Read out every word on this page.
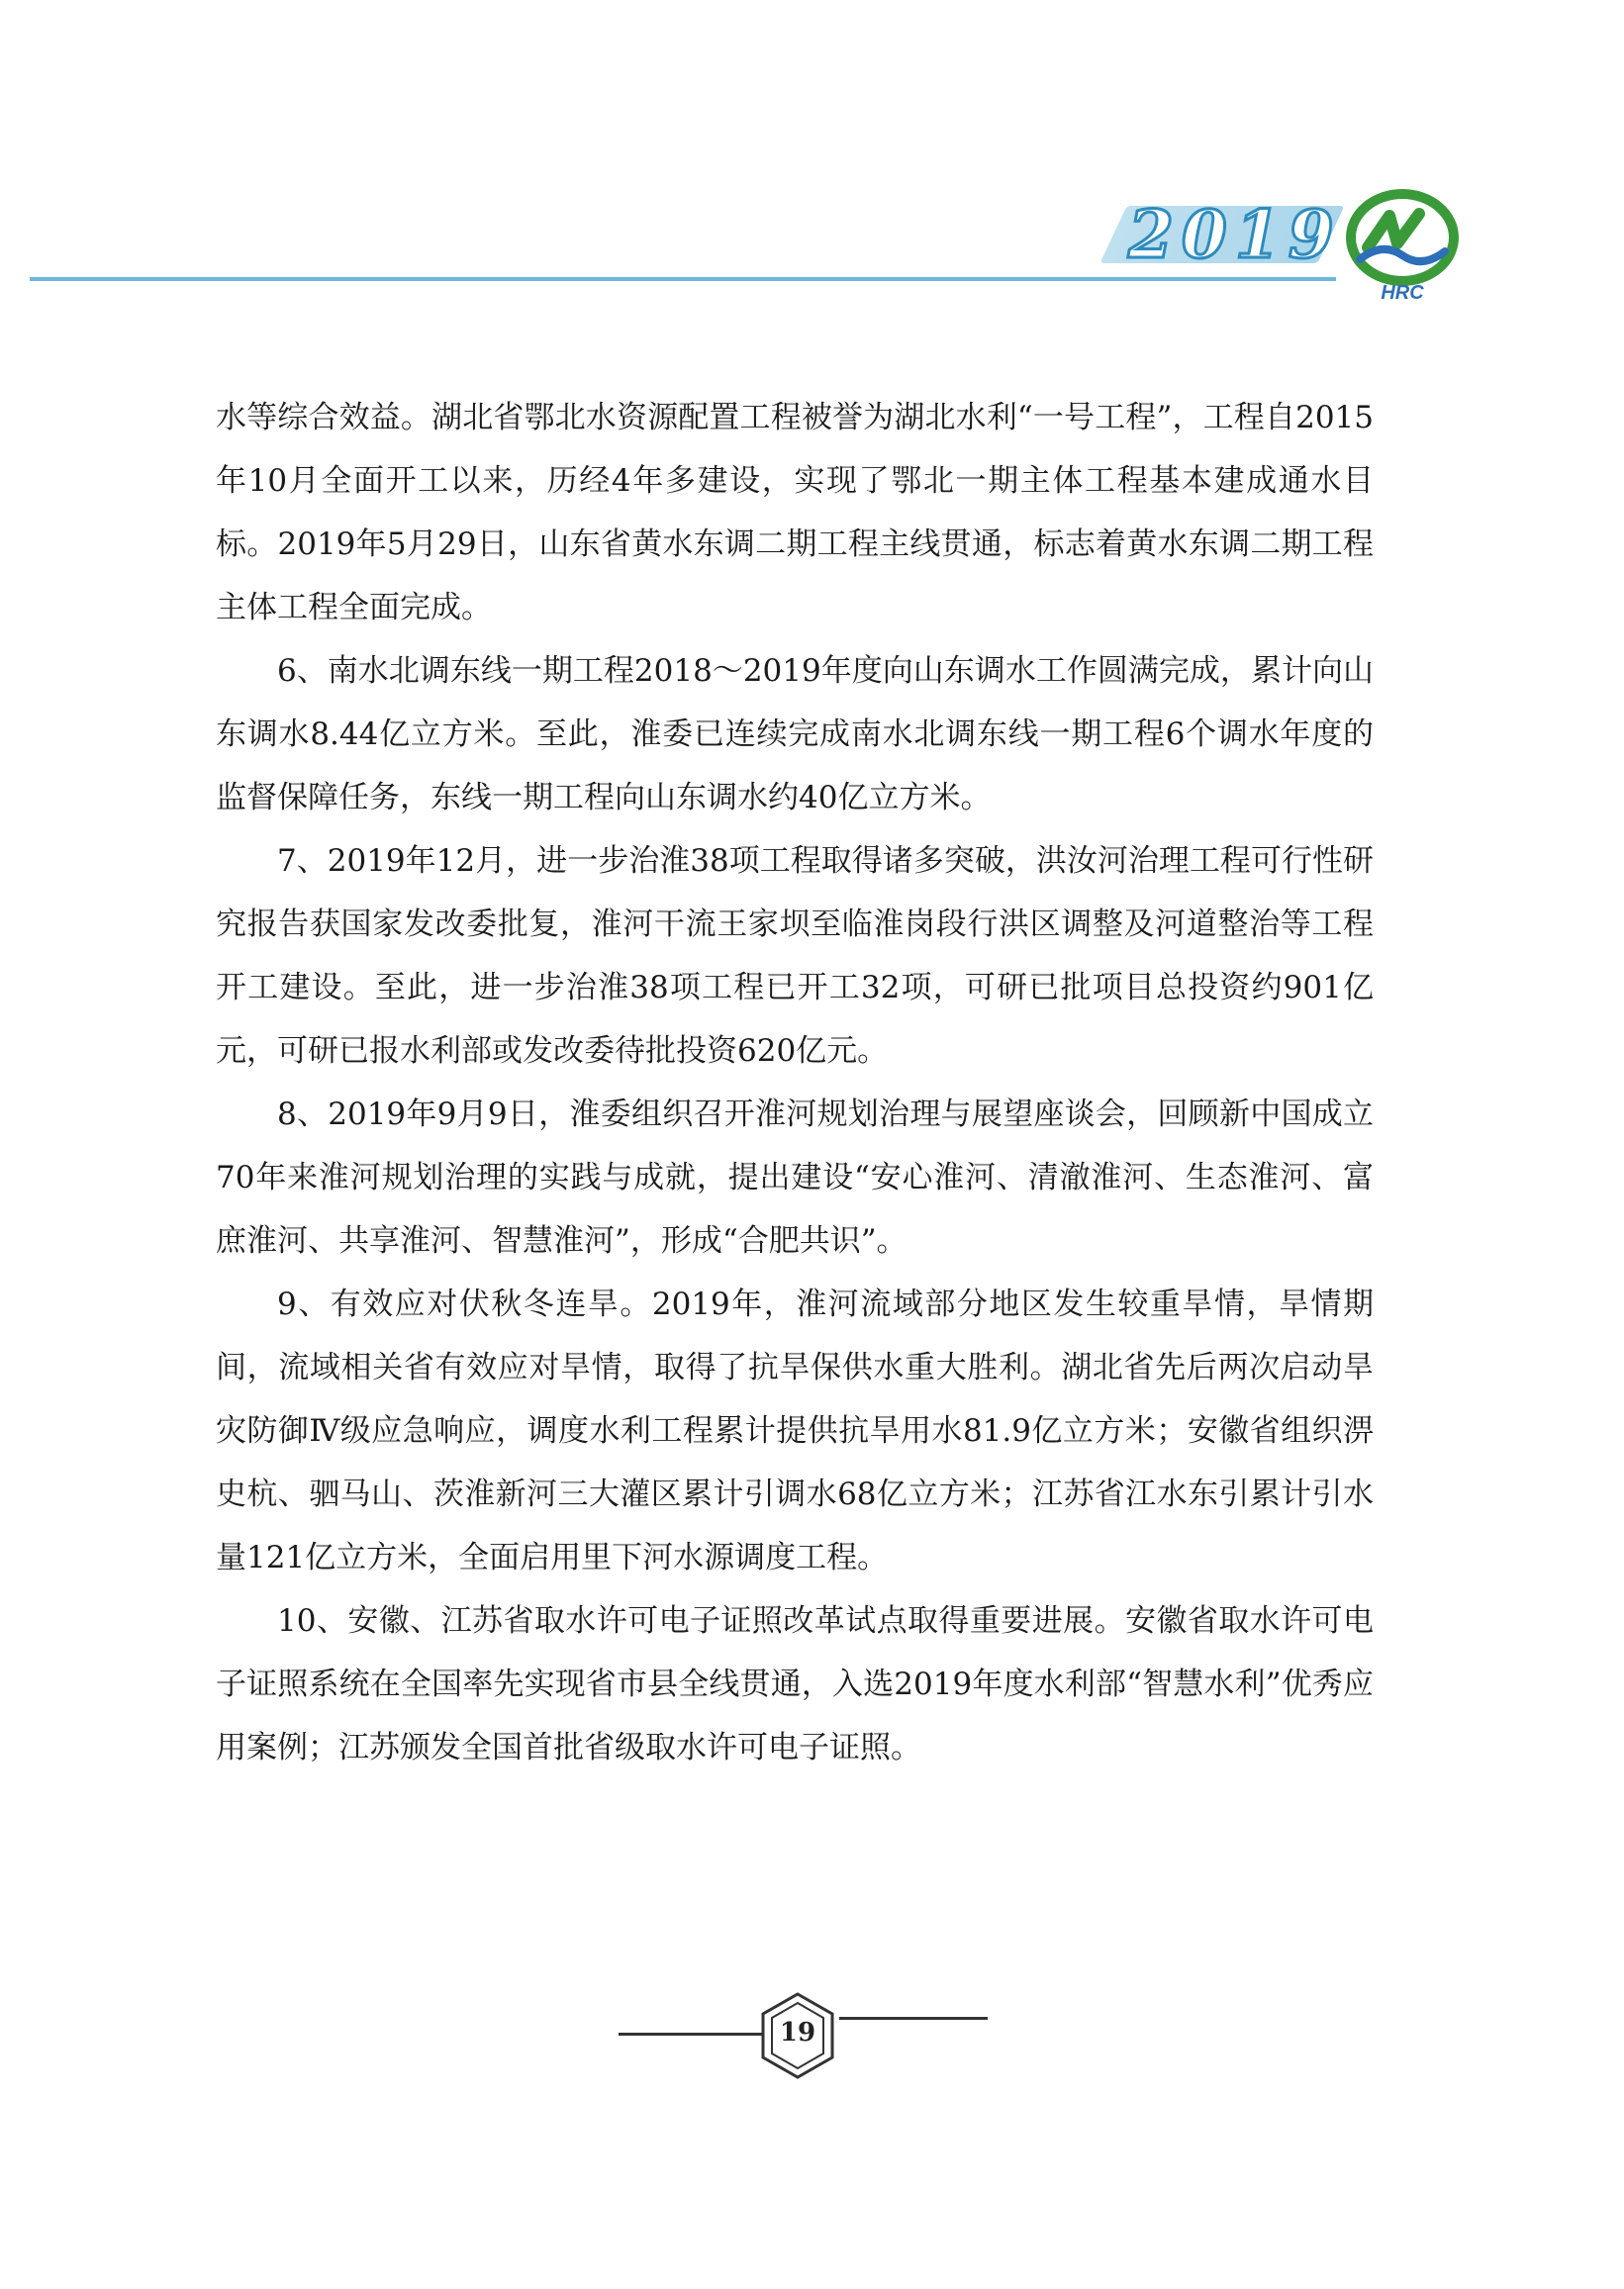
2019
HRC

水等综合效益。湖北省鄂北水资源配置工程被誉为湖北水利“一号工程”，工程自2015年10月全面开工以来，历经4年多建设，实现了鄂北一期主体工程基本建成通水目标。2019年5月29日，山东省黄水东调二期工程主线贯通，标志着黄水东调二期工程主体工程全面完成。

6、南水北调东线一期工程2018～2019年度向山东调水工作圆满完成，累计向山东调水8.44亿立方米。至此，淮委已连续完成南水北调东线一期工程6个调水年度的监督保障任务，东线一期工程向山东调水约40亿立方米。

7、2019年12月，进一步治淮38项工程取得诸多突破，洪汝河治理工程可行性研究报告获国家发改委批复，淮河干流王家坝至临淮岗段行洪区调整及河道整治等工程开工建设。至此，进一步治淮38项工程已开工32项，可研已批项目总投资约901亿元，可研已报水利部或发改委待批投资620亿元。

8、2019年9月9日，淮委组织召开淮河规划治理与展望座谈会，回顾新中国成立70年来淮河规划治理的实践与成就，提出建设“安心淮河、清澈淮河、生态淮河、富庶淮河、共享淮河、智慧淮河”，形成“合肥共识”。

9、有效应对伏秋冬连旱。2019年，淮河流域部分地区发生较重旱情，旱情期间，流域相关省有效应对旱情，取得了抗旱保供水重大胜利。湖北省先后两次启动旱灾防御Ⅳ级应急响应，调度水利工程累计提供抗旱用水81.9亿立方米；安徽省组织淠史杭、驷马山、茨淮新河三大灌区累计引调水68亿立方米；江苏省江水东引累计引水量121亿立方米，全面启用里下河水源调度工程。

10、安徽、江苏省取水许可电子证照改革试点取得重要进展。安徽省取水许可电子证照系统在全国率先实现省市县全线贯通，入选2019年度水利部“智慧水利”优秀应用案例；江苏颁发全国首批省级取水许可电子证照。

19
